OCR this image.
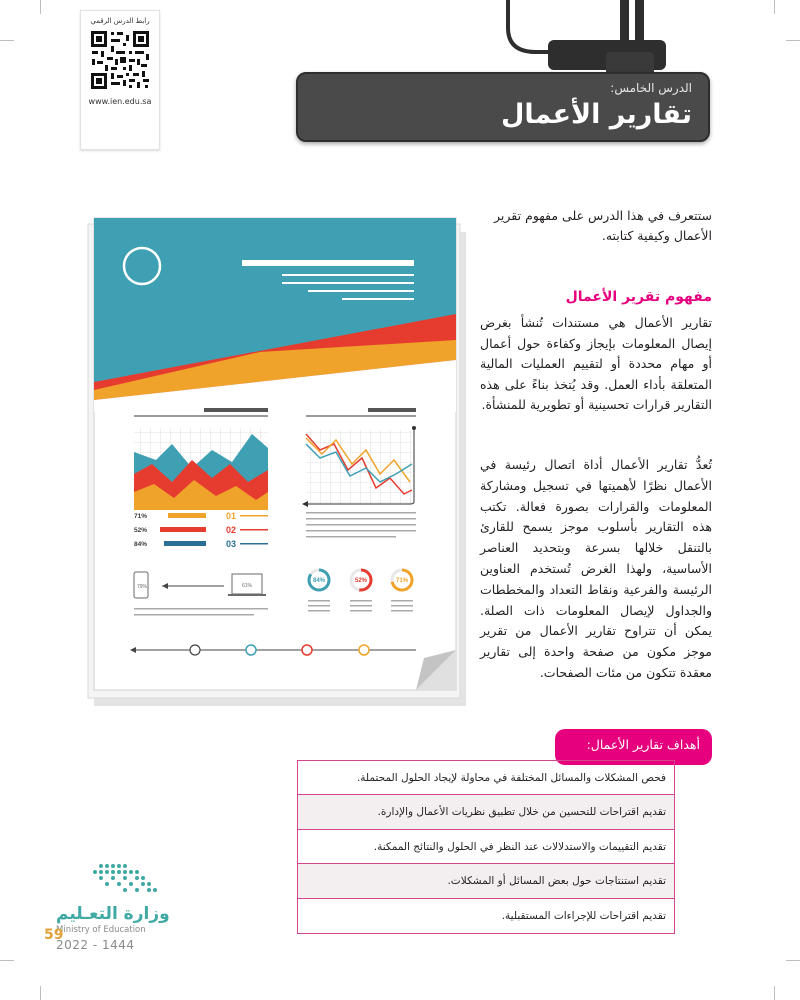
رابط الدرس الرقمي
www.ien.edu.sa
الدرس الخامس:
تقارير الأعمال
71%	01
52%	02
84%	03
79%	61%
84%	52%	71%
ستتعرف في هذا الدرس على مفهوم تقرير الأعمال وكيفية كتابته.
مفهوم تقرير الأعمال
تقارير الأعمال هي مستندات تُنشأ بغرض إيصال المعلومات بإيجاز وكفاءة حول أعمال أو مهام محددة أو لتقييم العمليات المالية المتعلقة بأداء العمل. وقد يُتخذ بناءً على هذه التقارير قرارات تحسينية أو تطويرية للمنشأة.
تُعدُّ تقارير الأعمال أداة اتصال رئيسة في الأعمال نظرًا لأهميتها في تسجيل ومشاركة المعلومات والقرارات بصورة فعالة. تكتب هذه التقارير بأسلوب موجز يسمح للقارئ بالتنقل خلالها بسرعة وبتحديد العناصر الأساسية، ولهذا الغرض تُستخدم العناوين الرئيسة والفرعية ونقاط التعداد والمخططات والجداول لإيصال المعلومات ذات الصلة. يمكن أن تتراوح تقارير الأعمال من تقرير موجز مكون من صفحة واحدة إلى تقارير معقدة تتكون من مئات الصفحات.
أهداف تقارير الأعمال:
فحص المشكلات والمسائل المختلفة في محاولة لإيجاد الحلول المحتملة.
تقديم اقتراحات للتحسين من خلال تطبيق نظريات الأعمال والإدارة.
تقديم التقييمات والاستدلالات عند النظر في الحلول والنتائج الممكنة.
تقديم استنتاجات حول بعض المسائل أو المشكلات.
تقديم اقتراحات للإجراءات المستقبلية.
وزارة التعـليم
Ministry of Education
2022 - 1444
59
